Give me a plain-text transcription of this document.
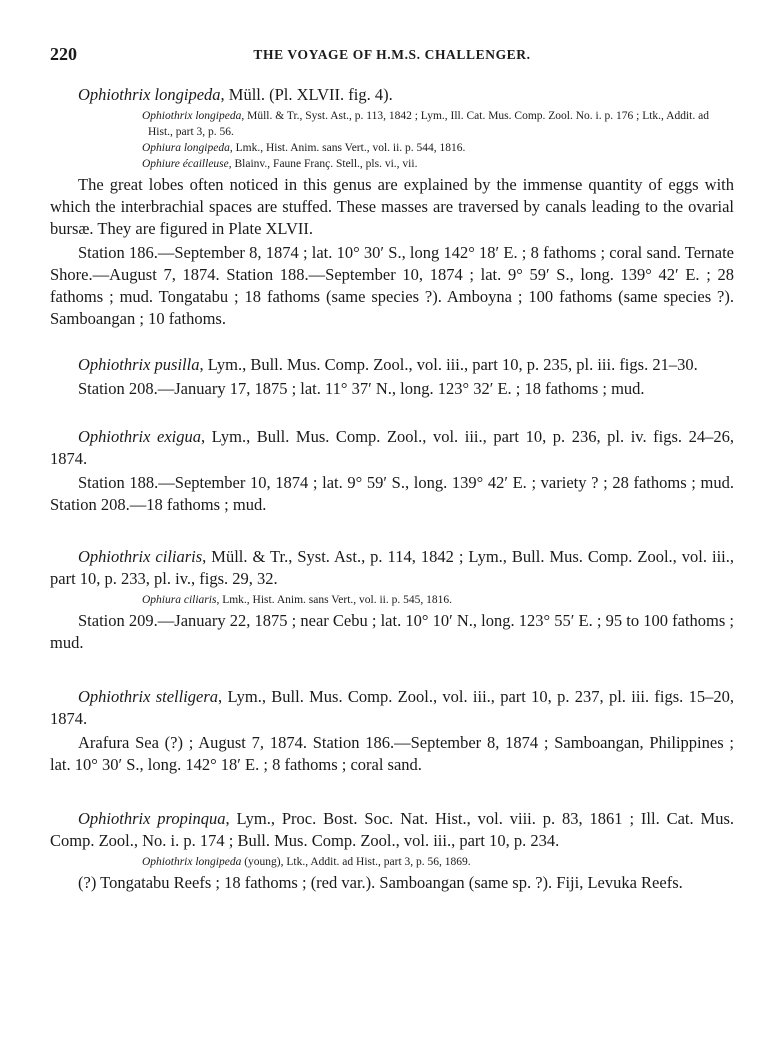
220	THE VOYAGE OF H.M.S. CHALLENGER.

Ophiothrix longipeda, Müll. (Pl. XLVII. fig. 4).

Ophiothrix longipeda, Müll. & Tr., Syst. Ast., p. 113, 1842 ; Lym., Ill. Cat. Mus. Comp. Zool. No. i. p. 176 ; Ltk., Addit. ad Hist., part 3, p. 56.

Ophiura longipeda, Lmk., Hist. Anim. sans Vert., vol. ii. p. 544, 1816.

Ophiure écailleuse, Blainv., Faune Franç. Stell., pls. vi., vii.

The great lobes often noticed in this genus are explained by the immense quantity of eggs with which the interbrachial spaces are stuffed. These masses are traversed by canals leading to the ovarial bursæ. They are figured in Plate XLVII.

Station 186.—September 8, 1874 ; lat. 10° 30′ S., long 142° 18′ E. ; 8 fathoms ; coral sand. Ternate Shore.—August 7, 1874. Station 188.—September 10, 1874 ; lat. 9° 59′ S., long. 139° 42′ E. ; 28 fathoms ; mud. Tongatabu ; 18 fathoms (same species ?). Amboyna ; 100 fathoms (same species ?). Samboangan ; 10 fathoms.

Ophiothrix pusilla, Lym., Bull. Mus. Comp. Zool., vol. iii., part 10, p. 235, pl. iii. figs. 21–30.

Station 208.—January 17, 1875 ; lat. 11° 37′ N., long. 123° 32′ E. ; 18 fathoms ; mud.

Ophiothrix exigua, Lym., Bull. Mus. Comp. Zool., vol. iii., part 10, p. 236, pl. iv. figs. 24–26, 1874.

Station 188.—September 10, 1874 ; lat. 9° 59′ S., long. 139° 42′ E. ; variety ? ; 28 fathoms ; mud. Station 208.—18 fathoms ; mud.

Ophiothrix ciliaris, Müll. & Tr., Syst. Ast., p. 114, 1842 ; Lym., Bull. Mus. Comp. Zool., vol. iii., part 10, p. 233, pl. iv., figs. 29, 32.

Ophiura ciliaris, Lmk., Hist. Anim. sans Vert., vol. ii. p. 545, 1816.

Station 209.—January 22, 1875 ; near Cebu ; lat. 10° 10′ N., long. 123° 55′ E. ; 95 to 100 fathoms ; mud.

Ophiothrix stelligera, Lym., Bull. Mus. Comp. Zool., vol. iii., part 10, p. 237, pl. iii. figs. 15–20, 1874.

Arafura Sea (?) ; August 7, 1874. Station 186.—September 8, 1874 ; Samboangan, Philippines ; lat. 10° 30′ S., long. 142° 18′ E. ; 8 fathoms ; coral sand.

Ophiothrix propinqua, Lym., Proc. Bost. Soc. Nat. Hist., vol. viii. p. 83, 1861 ; Ill. Cat. Mus. Comp. Zool., No. i. p. 174 ; Bull. Mus. Comp. Zool., vol. iii., part 10, p. 234.

Ophiothrix longipeda (young), Ltk., Addit. ad Hist., part 3, p. 56, 1869.

(?) Tongatabu Reefs ; 18 fathoms ; (red var.). Samboangan (same sp. ?). Fiji, Levuka Reefs.
